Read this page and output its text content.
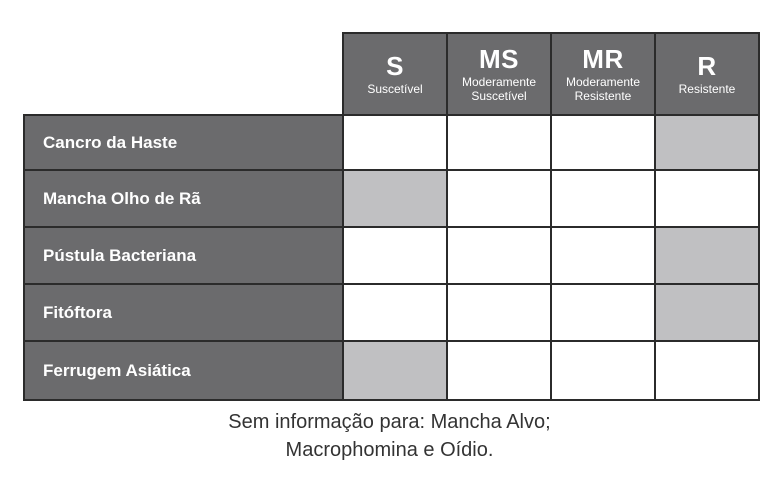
S
Suscetível
MS
Moderamente
Suscetível
MR
Moderamente
Resistente
R
Resistente
Cancro da Haste
Mancha Olho de Rã
Pústula Bacteriana
Fitóftora
Ferrugem Asiática
Sem informação para: Mancha Alvo;
Macrophomina e Oídio.
